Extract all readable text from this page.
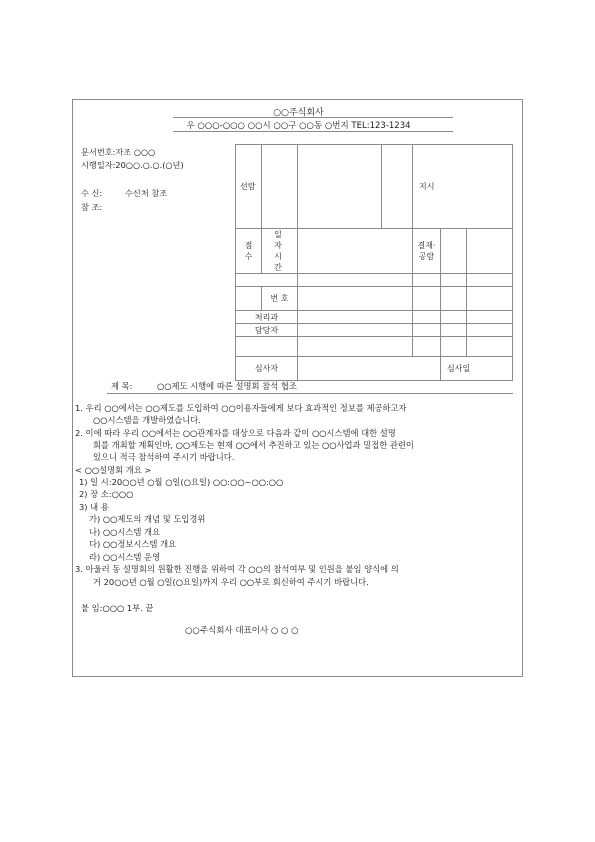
○○주식회사
우 ○○○-○○○ ○○시 ○○구 ○○동 ○번지 TEL:123-1234
문서번호:자조 ○○○
시행일자:20○○.○.○.(○년)
수 신:	수신처 참조
참 조:
선람				지시		

점수	일자시간			결재·공람		

	번 호					
처리과						
담당자						

심사자					심사일	
제 목:	○○제도 시행에 따른 설명회 참석 협조
1. 우리 ○○에서는 ○○제도를 도입하여 ○○이용자들에게 보다 효과적인 정보를 제공하고자
○○시스템을 개발하였습니다.
2. 이에 따라 우리 ○○에서는 ○○관계자를 대상으로 다음과 같이 ○○시스템에 대한 설명
회를 개최할 계획인바, ○○제도는 현재 ○○에서 추진하고 있는 ○○사업과 밀접한 관련이
있으니 적극 참석하여 주시기 바랍니다.
< ○○설명회 개요 >
1) 일 시:20○○년 ○월 ○일(○요일) ○○:○○~○○:○○
2) 장 소:○○○
3) 내 용
가) ○○제도의 개념 및 도입경위
나) ○○시스템 개요
다) ○○정보시스템 개요
라) ○○시스템 운영
3. 아울러 동 설명회의 원활한 진행을 위하여 각 ○○의 참석여부 및 인원을 붙임 양식에 의
거 20○○년 ○월 ○일(○요일)까지 우리 ○○부로 회신하여 주시기 바랍니다.
붙 임:○○○ 1부. 끝
○○주식회사 대표이사 ○ ○ ○
